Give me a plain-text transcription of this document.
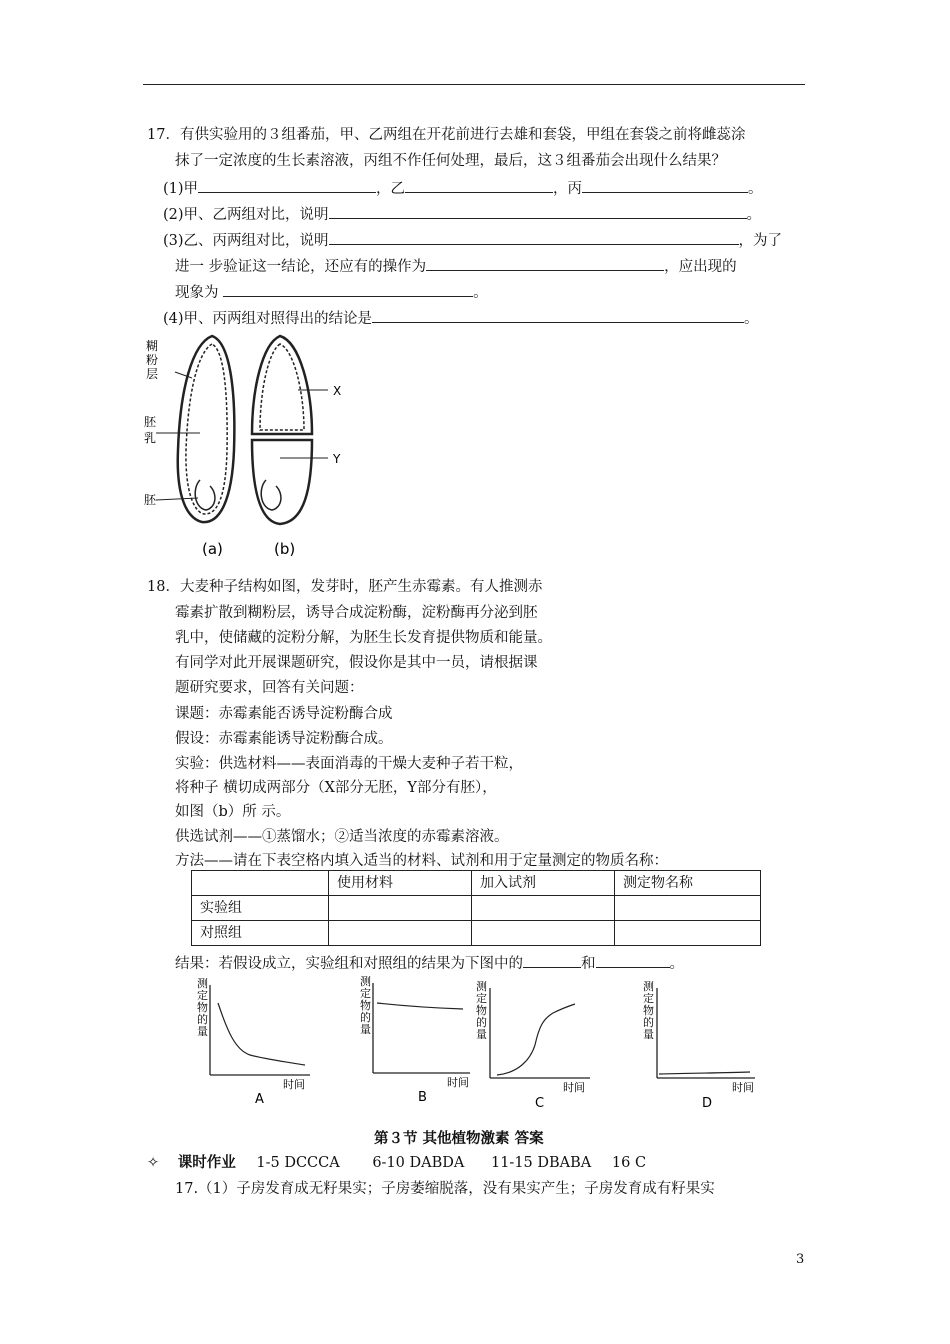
17．有供实验用的３组番茄，甲、乙两组在开花前进行去雄和套袋，甲组在套袋之前将雌蕊涂
抹了一定浓度的生长素溶液，丙组不作任何处理，最后，这３组番茄会出现什么结果？
(1)甲	，乙	，丙	。
(2)甲、乙两组对比，说明	。
(3)乙、丙两组对比，说明	，为了
进一 步验证这一结论，还应有的操作为	，应出现的
现象为	。
(4)甲、丙两组对照得出的结论是	。
糊
粉
层
胚
乳
胚
X
Y
(a)	(b)
18．大麦种子结构如图，发芽时，胚产生赤霉素。有人推测赤
霉素扩散到糊粉层，诱导合成淀粉酶，淀粉酶再分泌到胚
乳中，使储藏的淀粉分解，为胚生长发育提供物质和能量。
有同学对此开展课题研究，假设你是其中一员，请根据课
题研究要求，回答有关问题：
课题：赤霉素能否诱导淀粉酶合成
假设：赤霉素能诱导淀粉酶合成。
实验：供选材料——表面消毒的干燥大麦种子若干粒，
将种子 横切成两部分（X部分无胚，Y部分有胚），
如图（b）所 示。
供选试剂——①蒸馏水；②适当浓度的赤霉素溶液。
方法——请在下表空格内填入适当的材料、试剂和用于定量测定的物质名称：
	使用材料	加入试剂	测定物名称
实验组			
对照组			
结果：若假设成立，实验组和对照组的结果为下图中的	和	。
测定物的量
时间
A
测定物的量
时间
B
测定物的量
时间
C
测定物的量
时间
D
第３节 其他植物激素 答案
✧ 课时作业 1-5 DCCCA 6-10 DABDA 11-15 DBABA 16 C
17.（1）子房发育成无籽果实；子房萎缩脱落，没有果实产生；子房发育成有籽果实
3
